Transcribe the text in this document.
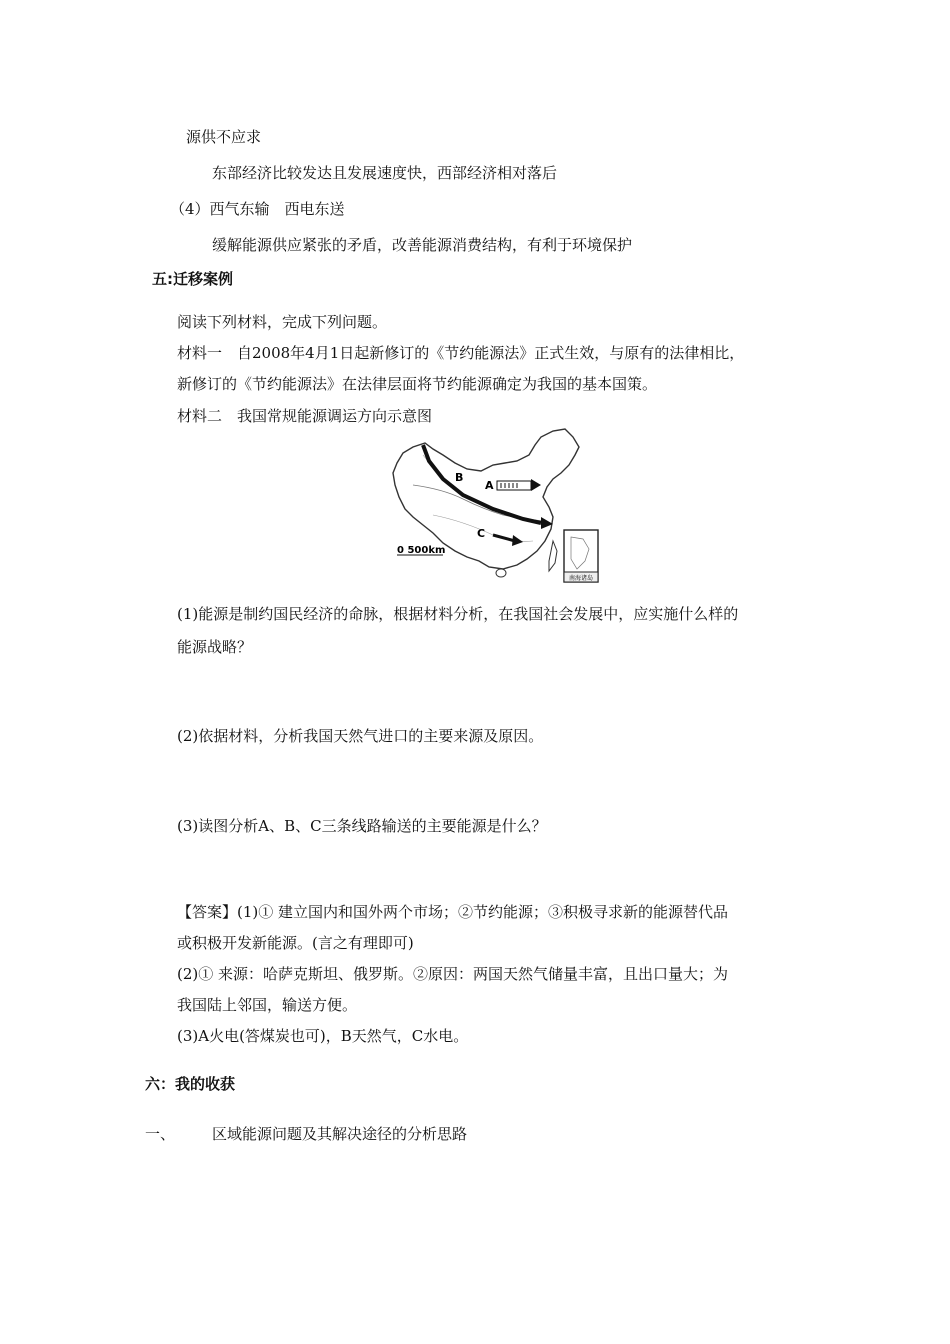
源供不应求
东部经济比较发达且发展速度快，西部经济相对落后
（4）西气东输　西电东送
缓解能源供应紧张的矛盾，改善能源消费结构，有利于环境保护
五:迁移案例
阅读下列材料，完成下列问题。
材料一　自2008年4月1日起新修订的《节约能源法》正式生效，与原有的法律相比，
新修订的《节约能源法》在法律层面将节约能源确定为我国的基本国策。
材料二　我国常规能源调运方向示意图
南海诸岛
A
B
C
0 500km
(1)能源是制约国民经济的命脉，根据材料分析，在我国社会发展中，应实施什么样的
能源战略？
(2)依据材料，分析我国天然气进口的主要来源及原因。
(3)读图分析A、B、C三条线路输送的主要能源是什么？
【答案】(1)① 建立国内和国外两个市场；②节约能源；③积极寻求新的能源替代品
或积极开发新能源。(言之有理即可)
(2)① 来源：哈萨克斯坦、俄罗斯。②原因：两国天然气储量丰富，且出口量大；为
我国陆上邻国，输送方便。
(3)A火电(答煤炭也可)，B天然气，C水电。
六：我的收获
一、 区域能源问题及其解决途径的分析思路
